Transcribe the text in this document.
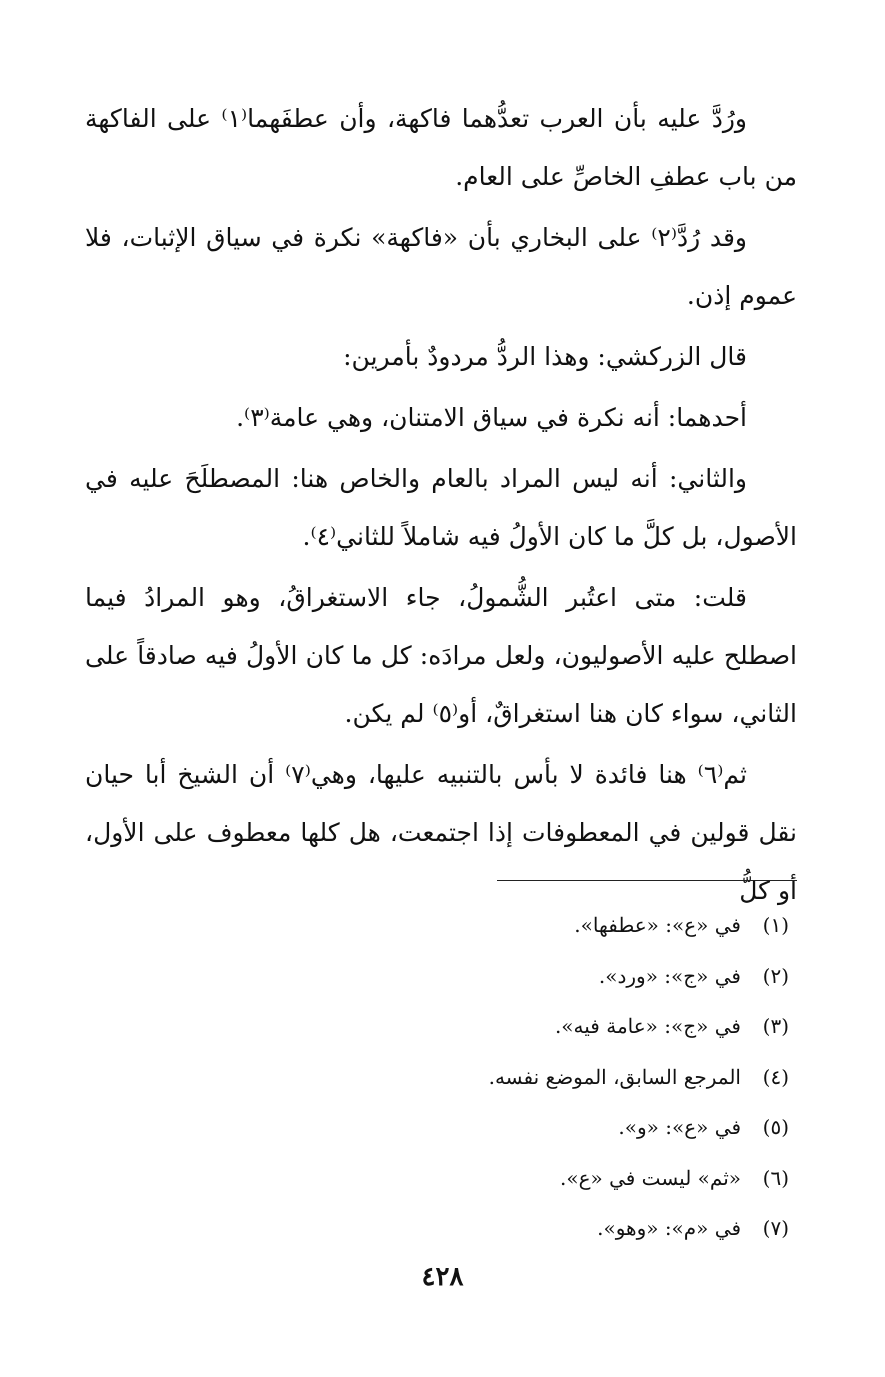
ورُدَّ عليه بأن العرب تعدُّهما فاكهة، وأن عطفَهما⁽١⁾ على الفاكهة من باب عطفِ الخاصِّ على العام.

وقد رُدَّ⁽٢⁾ على البخاري بأن «فاكهة» نكرة في سياق الإثبات، فلا عموم إذن.

قال الزركشي: وهذا الردُّ مردودٌ بأمرين:

أحدهما: أنه نكرة في سياق الامتنان، وهي عامة⁽٣⁾.

والثاني: أنه ليس المراد بالعام والخاص هنا: المصطلَحَ عليه في الأصول، بل كلَّ ما كان الأولُ فيه شاملاً للثاني⁽٤⁾.

قلت: متى اعتُبر الشُّمولُ، جاء الاستغراقُ، وهو المرادُ فيما اصطلح عليه الأصوليون، ولعل مرادَه: كل ما كان الأولُ فيه صادقاً على الثاني، سواء كان هنا استغراقٌ، أو⁽٥⁾ لم يكن.

ثم⁽٦⁾ هنا فائدة لا بأس بالتنبيه عليها، وهي⁽٧⁾ أن الشيخ أبا حيان نقل قولين في المعطوفات إذا اجتمعت، هل كلها معطوف على الأول، أو كلُّ

(١)
في «ع»: «عطفها».
(٢)
في «ج»: «ورد».
(٣)
في «ج»: «عامة فيه».
(٤)
المرجع السابق، الموضع نفسه.
(٥)
في «ع»: «و».
(٦)
«ثم» ليست في «ع».
(٧)
في «م»: «وهو».
٤٢٨
